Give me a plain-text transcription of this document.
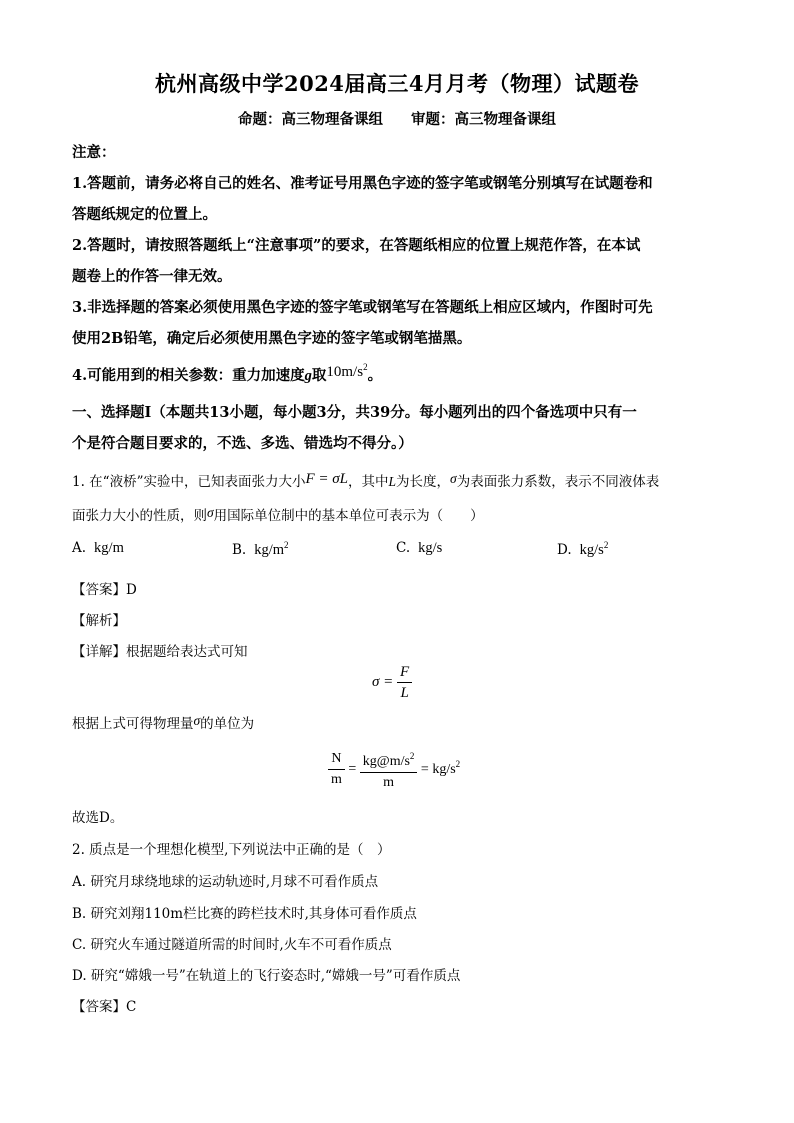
杭州高级中学2024届高三4月月考（物理）试题卷
命题：高三物理备课组 审题：高三物理备课组
注意：
1.答题前，请务必将自己的姓名、准考证号用黑色字迹的签字笔或钢笔分别填写在试题卷和
答题纸规定的位置上。
2.答题时，请按照答题纸上“注意事项”的要求，在答题纸相应的位置上规范作答，在本试
题卷上的作答一律无效。
3.非选择题的答案必须使用黑色字迹的签字笔或钢笔写在答题纸上相应区域内，作图时可先
使用2B铅笔，确定后必须使用黑色字迹的签字笔或钢笔描黑。
4.可能用到的相关参数：重力加速度g取$10m/s^2$。
一、选择题Ⅰ（本题共13小题，每小题3分，共39分。每小题列出的四个备选项中只有一
个是符合题目要求的，不选、多选、错选均不得分。）
1. 在“液桥”实验中，已知表面张力大小F = σL，其中L为长度，σ为表面张力系数，表示不同液体表
面张力大小的性质，则σ用国际单位制中的基本单位可表示为（　　）
A. kg/m	B. $kg/m^2$	C. kg/s	D. $kg/s^2$
【答案】D
【解析】
【详解】根据题给表达式可知
$\sigma = \frac{F}{L}$
根据上式可得物理量σ的单位为
$\frac{N}{m} = \frac{kg@m/s^2}{m} = kg/s^2$
故选D。
2. 质点是一个理想化模型,下列说法中正确的是（　）
A. 研究月球绕地球的运动轨迹时,月球不可看作质点
B. 研究刘翔110m栏比赛的跨栏技术时,其身体可看作质点
C. 研究火车通过隧道所需的时间时,火车不可看作质点
D. 研究“嫦娥一号”在轨道上的飞行姿态时,“嫦娥一号”可看作质点
【答案】C
